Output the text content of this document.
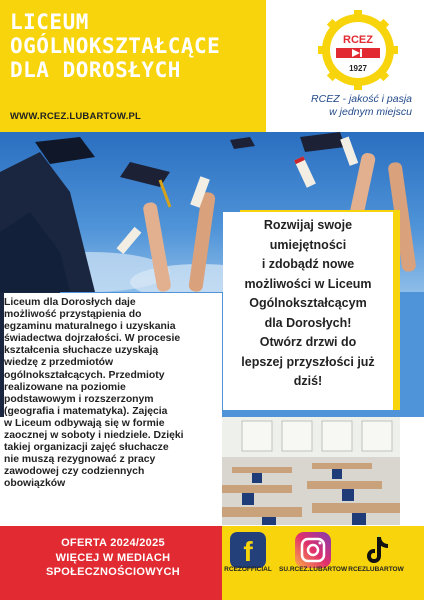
LICEUM
OGÓLNOKSZTAŁCĄCE
DLA DOROSŁYCH
WWW.RCEZ.LUBARTOW.PL
RCEZ - jakość i pasja
w jednym miejscu
RCEZ
1927
Rozwijaj swoje
umiejętności
i zdobądź nowe
możliwości w Liceum
Ogólnokształcącym
dla Dorosłych!
Otwórz drzwi do
lepszej przyszłości już
dziś!
Liceum dla Dorosłych daje
możliwość przystąpienia do
egzaminu maturalnego i uzyskania
świadectwa dojrzałości. W procesie
kształcenia słuchacze uzyskają
wiedzę z przedmiotów
ogólnokształcących. Przedmioty
realizowane na poziomie
podstawowym i rozszerzonym
(geografia i matematyka). Zajęcia
w Liceum odbywają się w formie
zaocznej w soboty i niedziele. Dzięki
takiej organizacji zajęć słuchacze
nie muszą rezygnować z pracy
zawodowej czy codziennych
obowiązków
OFERTA 2024/2025
WIĘCEJ W MEDIACH
SPOŁECZNOŚCIOWYCH
f
RCEZOFFICIAL	SU.RCEZ.LUBARTOW RCEZLUBARTOW
